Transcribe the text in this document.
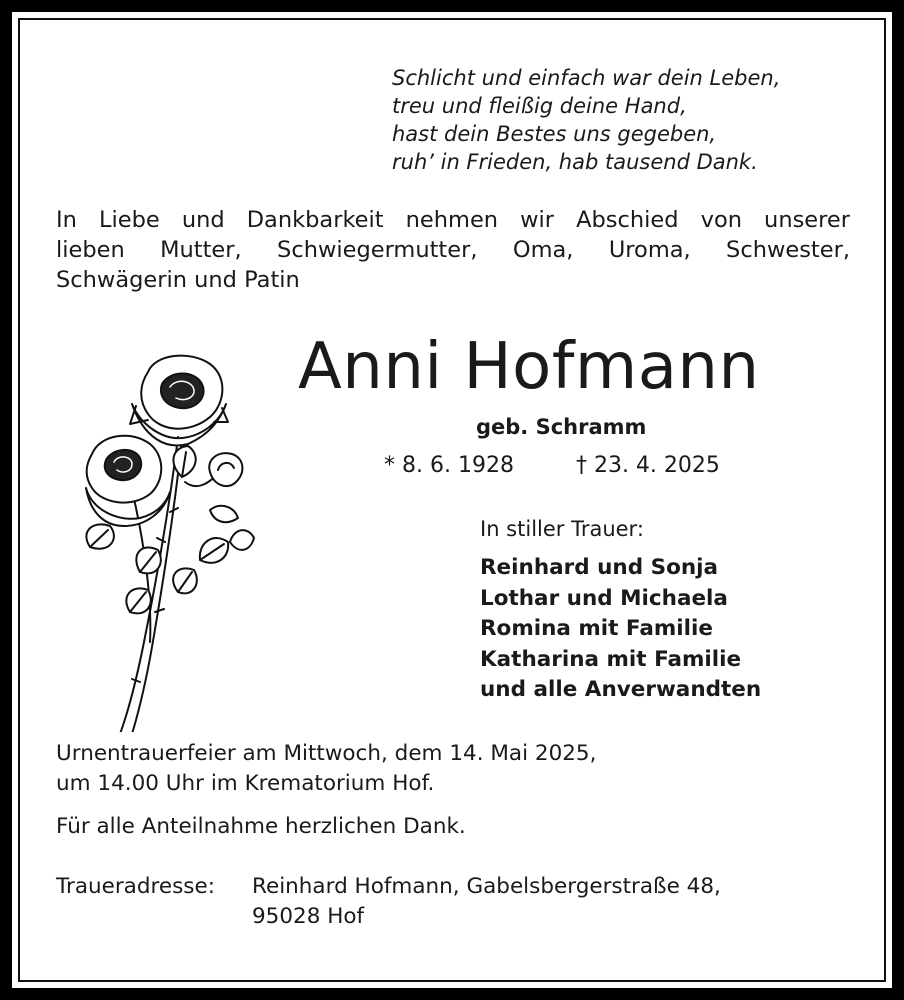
Schlicht und einfach war dein Leben,
treu und fleißig deine Hand,
hast dein Bestes uns gegeben,
ruh’ in Frieden, hab tausend Dank.
In Liebe und Dankbarkeit nehmen wir Abschied von unserer
lieben Mutter, Schwiegermutter, Oma, Uroma, Schwester,
Schwägerin und Patin
Anni Hofmann
geb. Schramm
* 8. 6. 1928	† 23. 4. 2025
In stiller Trauer:
Reinhard und Sonja
Lothar und Michaela
Romina mit Familie
Katharina mit Familie
und alle Anverwandten
Urnentrauerfeier am Mittwoch, dem 14. Mai 2025,
um 14.00 Uhr im Krematorium Hof.
Für alle Anteilnahme herzlichen Dank.
Traueradresse: Reinhard Hofmann, Gabelsbergerstraße 48,
95028 Hof
